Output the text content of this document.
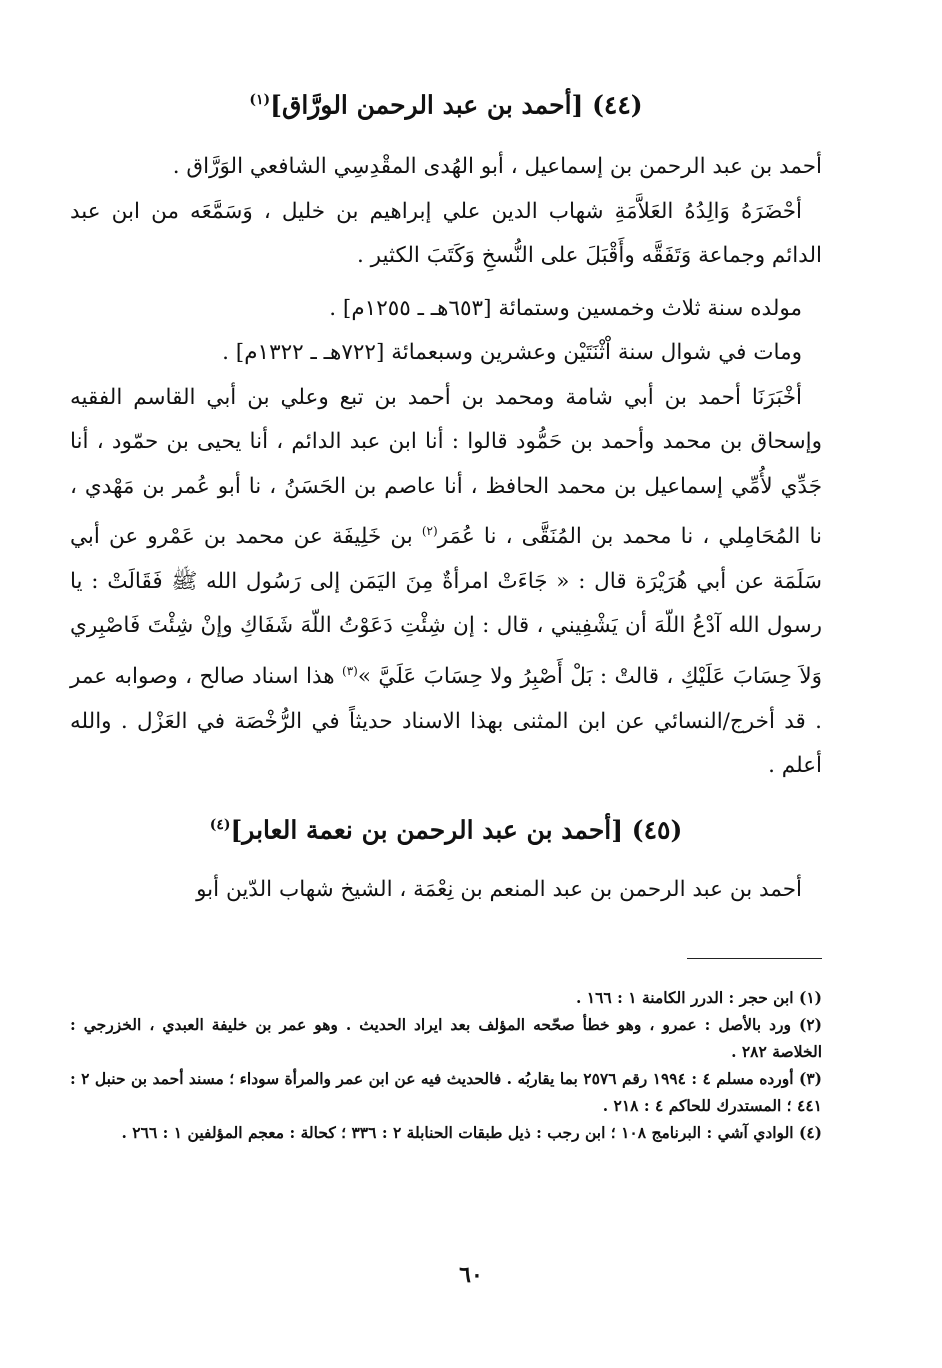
(٤٤) [أحمد بن عبد الرحمن الورَّاق]$^{(١)}$

أحمد بن عبد الرحمن بن إسماعيل ، أبو الهُدى المقْدِسِي الشافعي الوَرَّاق .

أحْضَرَهُ وَالِدُهُ العَلاَّمَةِ شهاب الدين علي إبراهيم بن خليل ، وَسَمَّعَه من ابن عبد الدائم وجماعة وَتَفَقَّه وأَقْبَلَ على النُّسخِ وَكَتَبَ الكثير .

مولده سنة ثلاث وخمسين وستمائة [٦٥٣هـ ـ ١٢٥٥م] .

ومات في شوال سنة اْثْنَتَيْن وعشرين وسبعمائة [٧٢٢هـ ـ ١٣٢٢م] .

أخْبَرَنَا أحمد بن أبي شامة ومحمد بن أحمد بن تبع وعلي بن أبي القاسم الفقيه وإسحاق بن محمد وأحمد بن حَمُّود قالوا : أنا ابن عبد الدائم ، أنا يحيى بن حمّود ، أنا جَدِّي لأُمِّي إسماعيل بن محمد الحافظ ، أنا عاصم بن الحَسَنُ ، نا أبو عُمر بن مَهْدي ، نا المُحَامِلي ، نا محمد بن المُنَقَّى ، نا عُمَر$^{(٢)}$ بن خَلِيفَة عن محمد بن عَمْرو عن أبي سَلَمَة عن أبي هُرَيْرَة قال : « جَاءَتْ امرأةٌ مِنَ اليَمَن إلى رَسُول الله ﷺ فَقَالَتْ : يا رسول الله آدْعُ اللّهَ أن يَشْفِيني ، قال : إن شِئْتِ دَعَوْتُ اللّهَ شَفَاكِ وإنْ شِئْتَ فَاصْبِري وَلاَ حِسَابَ عَلَيْكِ ، قالتْ : بَلْ أَصْبِرُ ولا حِسَابَ عَلَيَّ »$^{(٣)}$ هذا اسناد صالح ، وصوابه عمر . قد أخرج/النسائي عن ابن المثنى بهذا الاسناد حديثاً في الرُّخْصَة في العَزْل . والله أعلم .

(٤٥) [أحمد بن عبد الرحمن بن نعمة العابر]$^{(٤)}$

أحمد بن عبد الرحمن بن عبد المنعم بن نِعْمَة ، الشيخ شهاب الدّين أبو

(١) ابن حجر : الدرر الكامنة ١ : ١٦٦ .

(٢) ورد بالأصل : عمرو ، وهو خطأ صحّحه المؤلف بعد ايراد الحديث . وهو عمر بن خليفة العبدي ، الخزرجي : الخلاصة ٢٨٢ .

(٣) أورده مسلم ٤ : ١٩٩٤ رقم ٢٥٧٦ بما يقاربُه . فالحديث فيه عن ابن عمر والمرأة سوداء ؛ مسند أحمد بن حنبل ٢ : ٤٤١ ؛ المستدرك للحاكم ٤ : ٢١٨ .

(٤) الوادي آشي : البرنامج ١٠٨ ؛ ابن رجب : ذيل طبقات الحنابلة ٢ : ٣٣٦ ؛ كحالة : معجم المؤلفين ١ : ٢٦٦ .

٦٠
